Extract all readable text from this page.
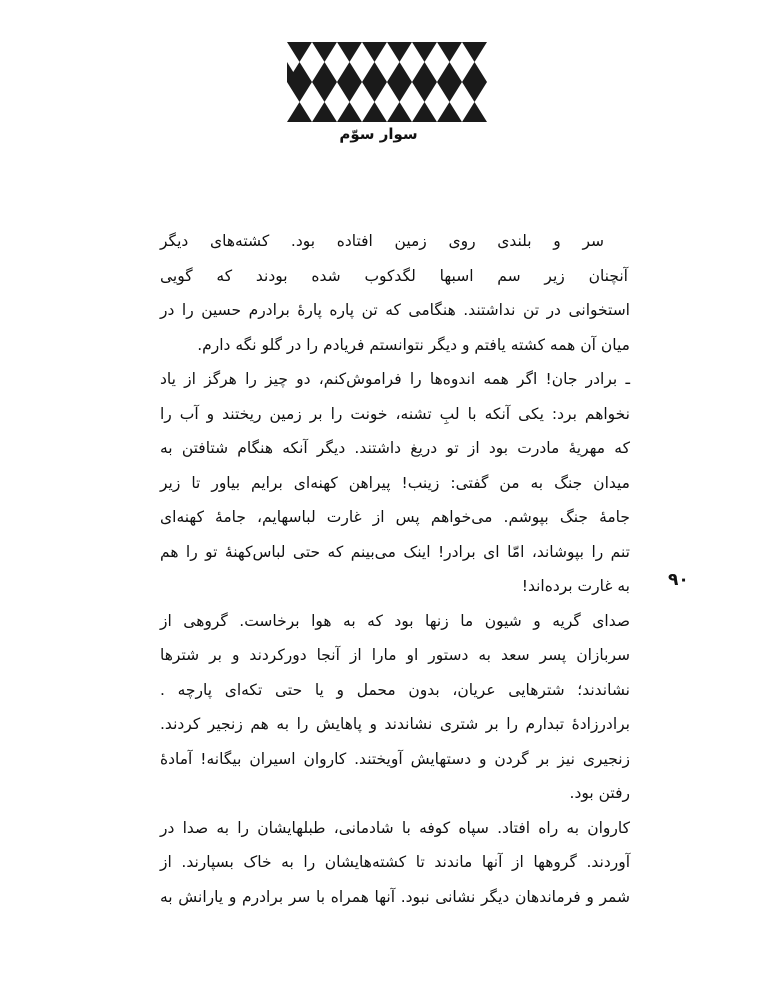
سوار سوّم
۹۰
سر و بلندی روی زمین افتاده بود. کشته‌های دیگر
آنچنان زیر سم اسبها لگدکوب شده بودند که گویی
استخوانی در تن نداشتند. هنگامی که تن پاره پارهٔ برادرم حسین را در
میان آن همه کشته یافتم و دیگر نتوانستم فریادم را در گلو نگه دارم.
ـ برادر جان! اگر همه اندوه‌ها را فراموش‌کنم، دو چیز را هرگز از یاد
نخواهم برد: یکی آنکه با لبِ تشنه، خونت را بر زمین ریختند و آب را
که مهریهٔ مادرت بود از تو دریغ داشتند. دیگر آنکه هنگام شتافتن به
میدان جنگ به من گفتی: زینب! پیراهن کهنه‌ای برایم بیاور تا زیر
جامهٔ جنگ بپوشم. می‌خواهم پس از غارت لباسهایم، جامهٔ کهنه‌ای
تنم را بپوشاند، امّا ای برادر! اینک می‌بینم که حتی لباس‌کهنهٔ تو را هم
به غارت برده‌اند!
صدای گریه و شیون ما زنها بود که به هوا برخاست. گروهی از
سربازان پسر سعد به دستور او مارا از آنجا دورکردند و بر شترها
نشاندند؛ شترهایی عریان، بدون محمل و یا حتی تکه‌ای پارچه .
برادرزادهٔ تبدارم را بر شتری نشاندند و پاهایش را به هم زنجیر کردند.
زنجیری نیز بر گردن و دستهایش آویختند. کاروان اسیران بیگانه! آمادهٔ
رفتن بود.
کاروان به راه افتاد. سپاه کوفه با شادمانی، طبلهایشان را به صدا در
آوردند. گروهها از آنها ماندند تا کشته‌هایشان را به خاک بسپارند. از
شمر و فرماندهان دیگر نشانی نبود. آنها همراه با سر برادرم و یارانش به
